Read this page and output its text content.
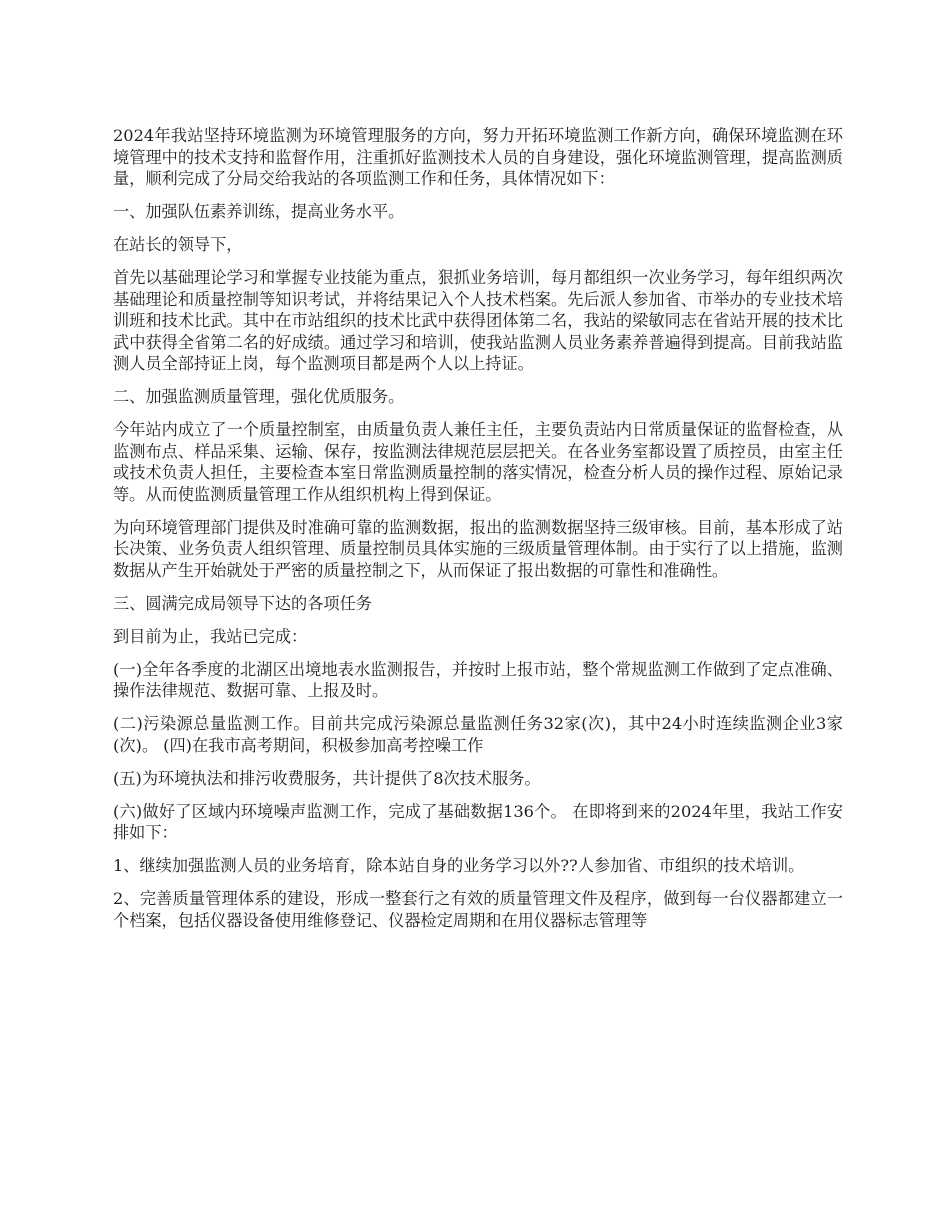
2024年我站坚持环境监测为环境管理服务的方向，努力开拓环境监测工作新方向，确保环境监测在环境管理中的技术支持和监督作用，注重抓好监测技术人员的自身建设，强化环境监测管理，提高监测质量，顺利完成了分局交给我站的各项监测工作和任务，具体情况如下：

一、加强队伍素养训练，提高业务水平。

在站长的领导下，

首先以基础理论学习和掌握专业技能为重点，狠抓业务培训，每月都组织一次业务学习，每年组织两次基础理论和质量控制等知识考试，并将结果记入个人技术档案。先后派人参加省、市举办的专业技术培训班和技术比武。其中在市站组织的技术比武中获得团体第二名，我站的梁敏同志在省站开展的技术比武中获得全省第二名的好成绩。通过学习和培训，使我站监测人员业务素养普遍得到提高。目前我站监测人员全部持证上岗，每个监测项目都是两个人以上持证。

二、加强监测质量管理，强化优质服务。

今年站内成立了一个质量控制室，由质量负责人兼任主任，主要负责站内日常质量保证的监督检查，从监测布点、样品采集、运输、保存，按监测法律规范层层把关。在各业务室都设置了质控员，由室主任或技术负责人担任，主要检查本室日常监测质量控制的落实情况，检查分析人员的操作过程、原始记录等。从而使监测质量管理工作从组织机构上得到保证。

为向环境管理部门提供及时准确可靠的监测数据，报出的监测数据坚持三级审核。目前，基本形成了站长决策、业务负责人组织管理、质量控制员具体实施的三级质量管理体制。由于实行了以上措施，监测数据从产生开始就处于严密的质量控制之下，从而保证了报出数据的可靠性和准确性。

三、圆满完成局领导下达的各项任务

到目前为止，我站已完成：

(一)全年各季度的北湖区出境地表水监测报告，并按时上报市站，整个常规监测工作做到了定点准确、操作法律规范、数据可靠、上报及时。

(二)污染源总量监测工作。目前共完成污染源总量监测任务32家(次)，其中24小时连续监测企业3家(次)。 (四)在我市高考期间，积极参加高考控噪工作

(五)为环境执法和排污收费服务，共计提供了8次技术服务。

(六)做好了区域内环境噪声监测工作，完成了基础数据136个。 在即将到来的2024年里，我站工作安排如下：

1、继续加强监测人员的业务培育，除本站自身的业务学习以外??人参加省、市组织的技术培训。

2、完善质量管理体系的建设，形成一整套行之有效的质量管理文件及程序，做到每一台仪器都建立一个档案，包括仪器设备使用维修登记、仪器检定周期和在用仪器标志管理等
